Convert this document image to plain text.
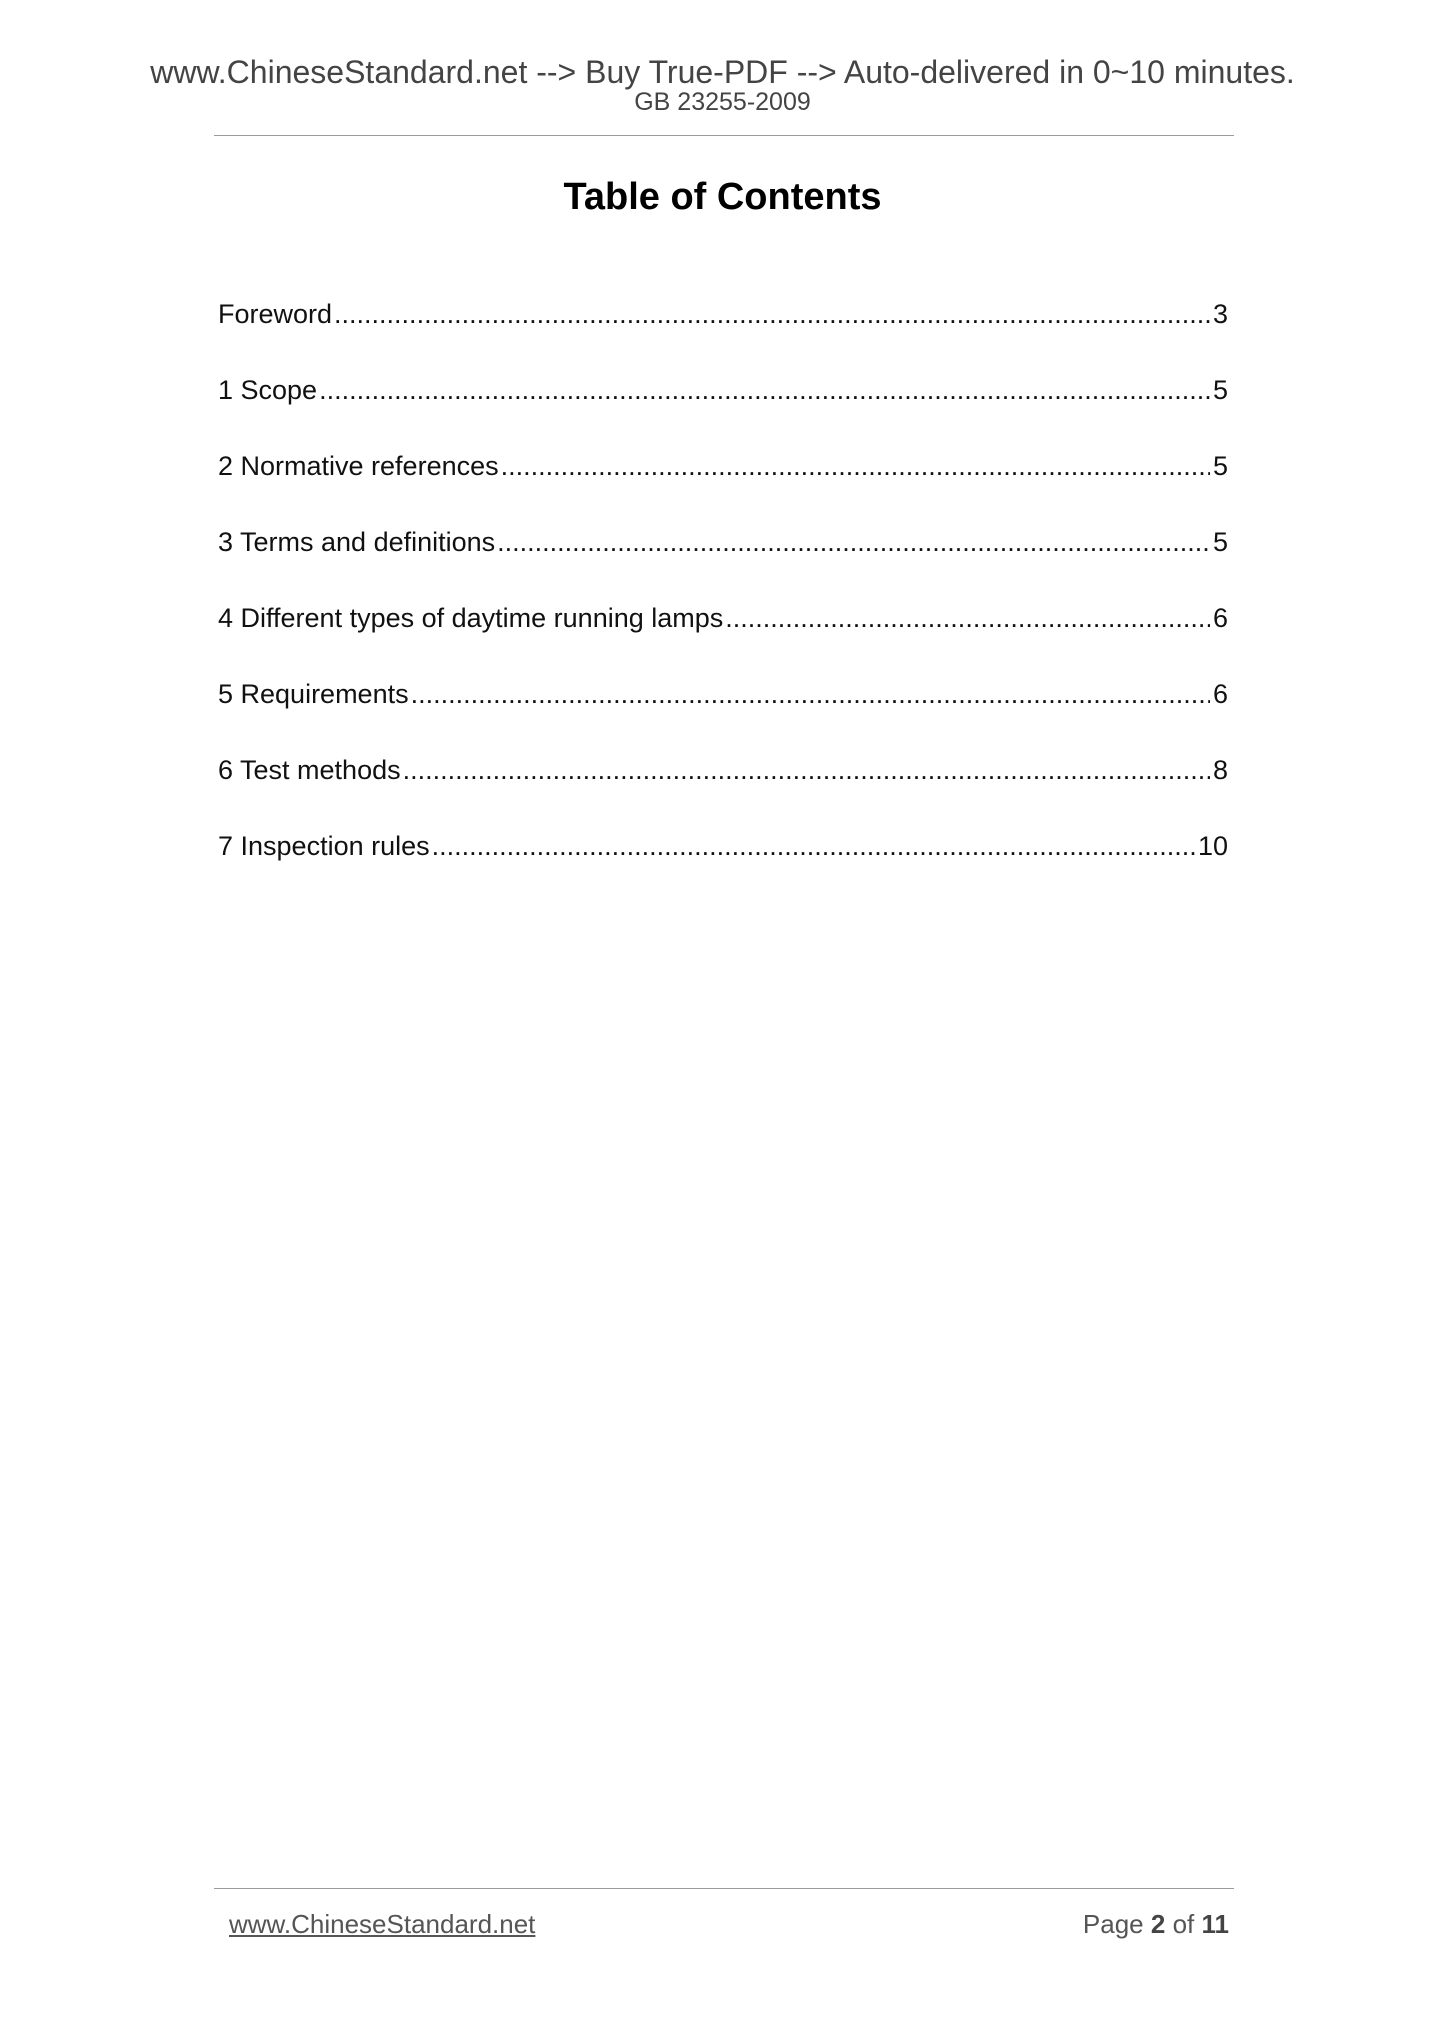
www.ChineseStandard.net --> Buy True-PDF --> Auto-delivered in 0~10 minutes.
GB 23255-2009
Table of Contents
Foreword .....	3
1 Scope .....	5
2 Normative references .....	5
3 Terms and definitions .....	5
4 Different types of daytime running lamps .....	6
5 Requirements .....	6
6 Test methods .....	8
7 Inspection rules .....	10
www.ChineseStandard.net	Page 2 of 11
